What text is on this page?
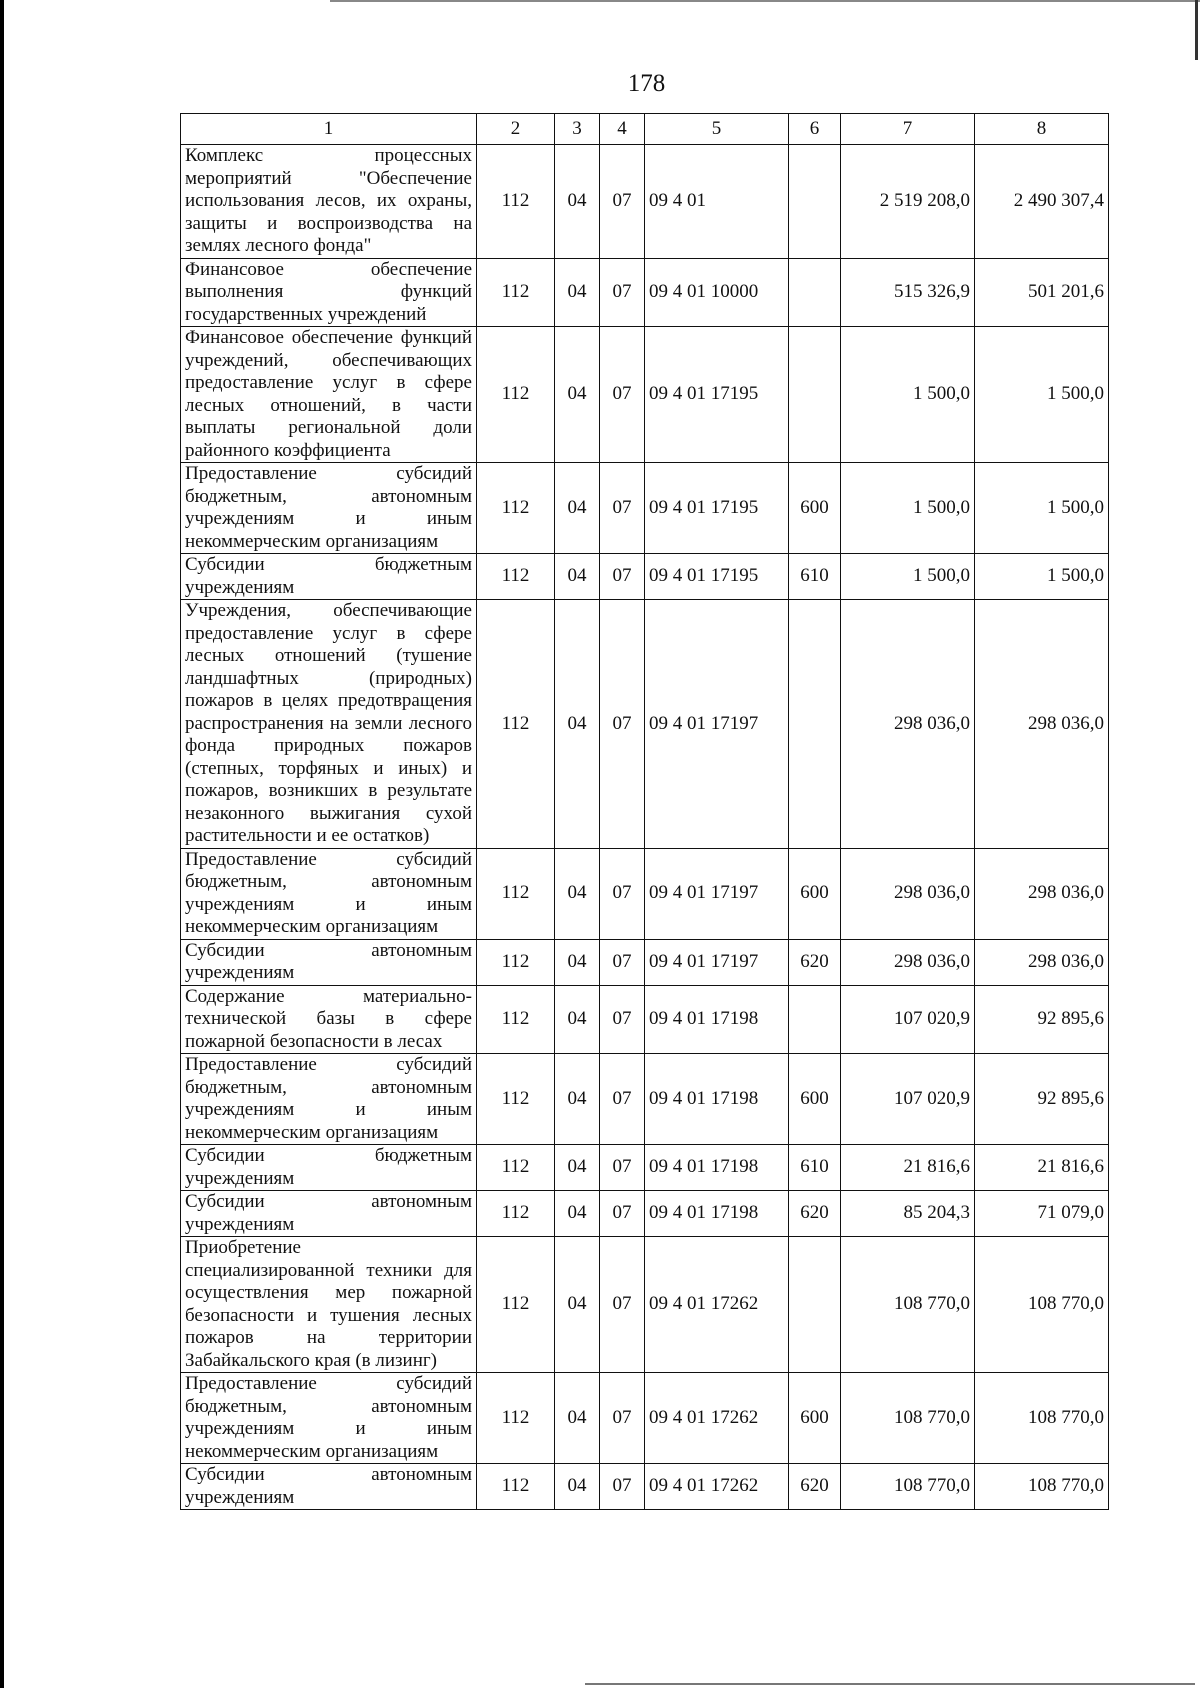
178
1	2	3	4	5	6	7	8
Комплекс процессных мероприятий "Обеспечение использования лесов, их охраны, защиты и воспроизводства на землях лесного фонда"	112	04	07	09 4 01		2 519 208,0	2 490 307,4
Финансовое обеспечение выполнения функций государственных учреждений	112	04	07	09 4 01 10000		515 326,9	501 201,6
Финансовое обеспечение функций учреждений, обеспечивающих предоставление услуг в сфере лесных отношений, в части выплаты региональной доли районного коэффициента	112	04	07	09 4 01 17195		1 500,0	1 500,0
Предоставление субсидий бюджетным, автономным учреждениям и иным некоммерческим организациям	112	04	07	09 4 01 17195	600	1 500,0	1 500,0
Субсидии бюджетным учреждениям	112	04	07	09 4 01 17195	610	1 500,0	1 500,0
Учреждения, обеспечивающие предоставление услуг в сфере лесных отношений (тушение ландшафтных (природных) пожаров в целях предотвращения распространения на земли лесного фонда природных пожаров (степных, торфяных и иных) и пожаров, возникших в результате незаконного выжигания сухой растительности и ее остатков)	112	04	07	09 4 01 17197		298 036,0	298 036,0
Предоставление субсидий бюджетным, автономным учреждениям и иным некоммерческим организациям	112	04	07	09 4 01 17197	600	298 036,0	298 036,0
Субсидии автономным учреждениям	112	04	07	09 4 01 17197	620	298 036,0	298 036,0
Содержание материально-технической базы в сфере пожарной безопасности в лесах	112	04	07	09 4 01 17198		107 020,9	92 895,6
Предоставление субсидий бюджетным, автономным учреждениям и иным некоммерческим организациям	112	04	07	09 4 01 17198	600	107 020,9	92 895,6
Субсидии бюджетным учреждениям	112	04	07	09 4 01 17198	610	21 816,6	21 816,6
Субсидии автономным учреждениям	112	04	07	09 4 01 17198	620	85 204,3	71 079,0
Приобретение специализированной техники для осуществления мер пожарной безопасности и тушения лесных пожаров на территории Забайкальского края (в лизинг)	112	04	07	09 4 01 17262		108 770,0	108 770,0
Предоставление субсидий бюджетным, автономным учреждениям и иным некоммерческим организациям	112	04	07	09 4 01 17262	600	108 770,0	108 770,0
Субсидии автономным учреждениям	112	04	07	09 4 01 17262	620	108 770,0	108 770,0
